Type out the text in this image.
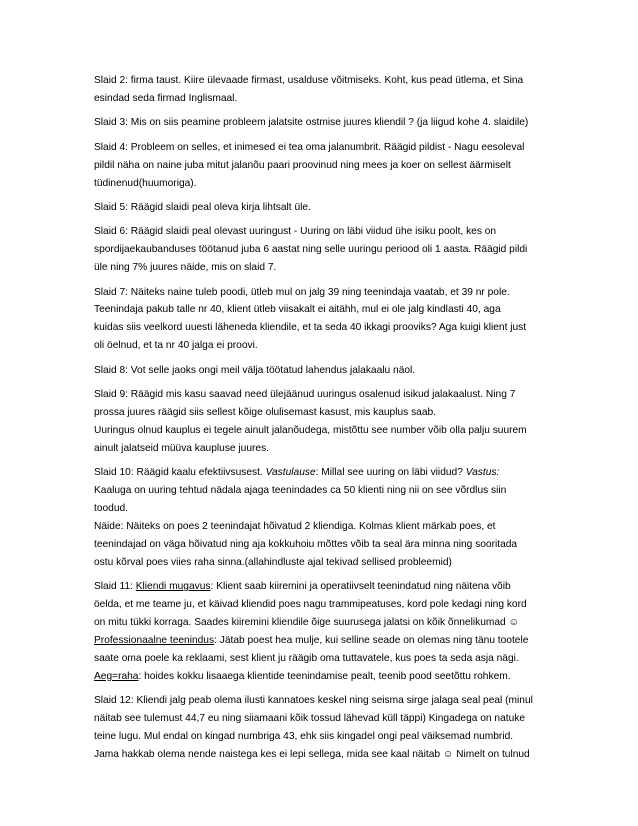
Slaid 2: firma taust. Kiire ülevaade firmast, usalduse võitmiseks. Koht, kus pead ütlema, et Sina
esindad seda firmad Inglismaal.
Slaid 3: Mis on siis peamine probleem jalatsite ostmise juures kliendil ? (ja liigud kohe 4. slaidile)
Slaid 4: Probleem on selles, et inimesed ei tea oma jalanumbrit. Räägid pildist - Nagu eesoleval
pildil näha on naine juba mitut jalanõu paari proovinud ning mees ja koer on sellest äärmiselt
tüdinenud(huumoriga).
Slaid 5: Räägid slaidi peal oleva kirja lihtsalt üle.
Slaid 6: Räägid slaidi peal olevast uuringust - Uuring on läbi viidud ühe isiku poolt, kes on
spordijaekaubanduses töötanud juba 6 aastat ning selle uuringu periood oli 1 aasta. Räägid pildi
üle ning 7% juures näide, mis on slaid 7.
Slaid 7: Näiteks naine tuleb poodi, ütleb mul on jalg 39 ning teenindaja vaatab, et 39 nr pole.
Teenindaja pakub talle nr 40, klient ütleb viisakalt ei aitähh, mul ei ole jalg kindlasti 40, aga
kuidas siis veelkord uuesti läheneda kliendile, et ta seda 40 ikkagi prooviks? Aga kuigi klient just
oli öelnud, et ta nr 40 jalga ei proovi.
Slaid 8: Vot selle jaoks ongi meil välja töötatud lahendus jalakaalu näol.
Slaid 9: Räägid mis kasu saavad need ülejäänud uuringus osalenud isikud jalakaalust. Ning 7
prossa juures räägid siis sellest kõige olulisemast kasust, mis kauplus saab.
Uuringus olnud kauplus ei tegele ainult jalanõudega, mistõttu see number võib olla palju suurem
ainult jalatseid müüva kaupluse juures.
Slaid 10: Räägid kaalu efektiivsusest. Vastulause: Millal see uuring on läbi viidud? Vastus:
Kaaluga on uuring tehtud nädala ajaga teenindades ca 50 klienti ning nii on see võrdlus siin
toodud.
Näide: Näiteks on poes 2 teenindajat hõivatud 2 kliendiga. Kolmas klient märkab poes, et
teenindajad on väga hõivatud ning aja kokkuhoiu mõttes võib ta seal ära minna ning sooritada
ostu kõrval poes viies raha sinna.(allahindluste ajal tekivad sellised probleemid)
Slaid 11: Kliendi mugavus: Klient saab kiiremini ja operatiivselt teenindatud ning näitena võib
öelda, et me teame ju, et käivad kliendid poes nagu trammipeatuses, kord pole kedagi ning kord
on mitu tükki korraga. Saades kiiremini kliendile õige suurusega jalatsi on kõik õnnelikumad ☺
Professionaalne teenindus: Jätab poest hea mulje, kui selline seade on olemas ning tänu tootele
saate oma poele ka reklaami, sest klient ju räägib oma tuttavatele, kus poes ta seda asja nägi.
Aeg=raha: hoides kokku lisaaega klientide teenindamise pealt, teenib pood seetõttu rohkem.
Slaid 12: Kliendi jalg peab olema ilusti kannatoes keskel ning seisma sirge jalaga seal peal (minul
näitab see tulemust 44,7 eu ning siiamaani kõik tossud lähevad küll täppi) Kingadega on natuke
teine lugu. Mul endal on kingad numbriga 43, ehk siis kingadel ongi peal väiksemad numbrid.
Jama hakkab olema nende naistega kes ei lepi sellega, mida see kaal näitab ☺ Nimelt on tulnud
